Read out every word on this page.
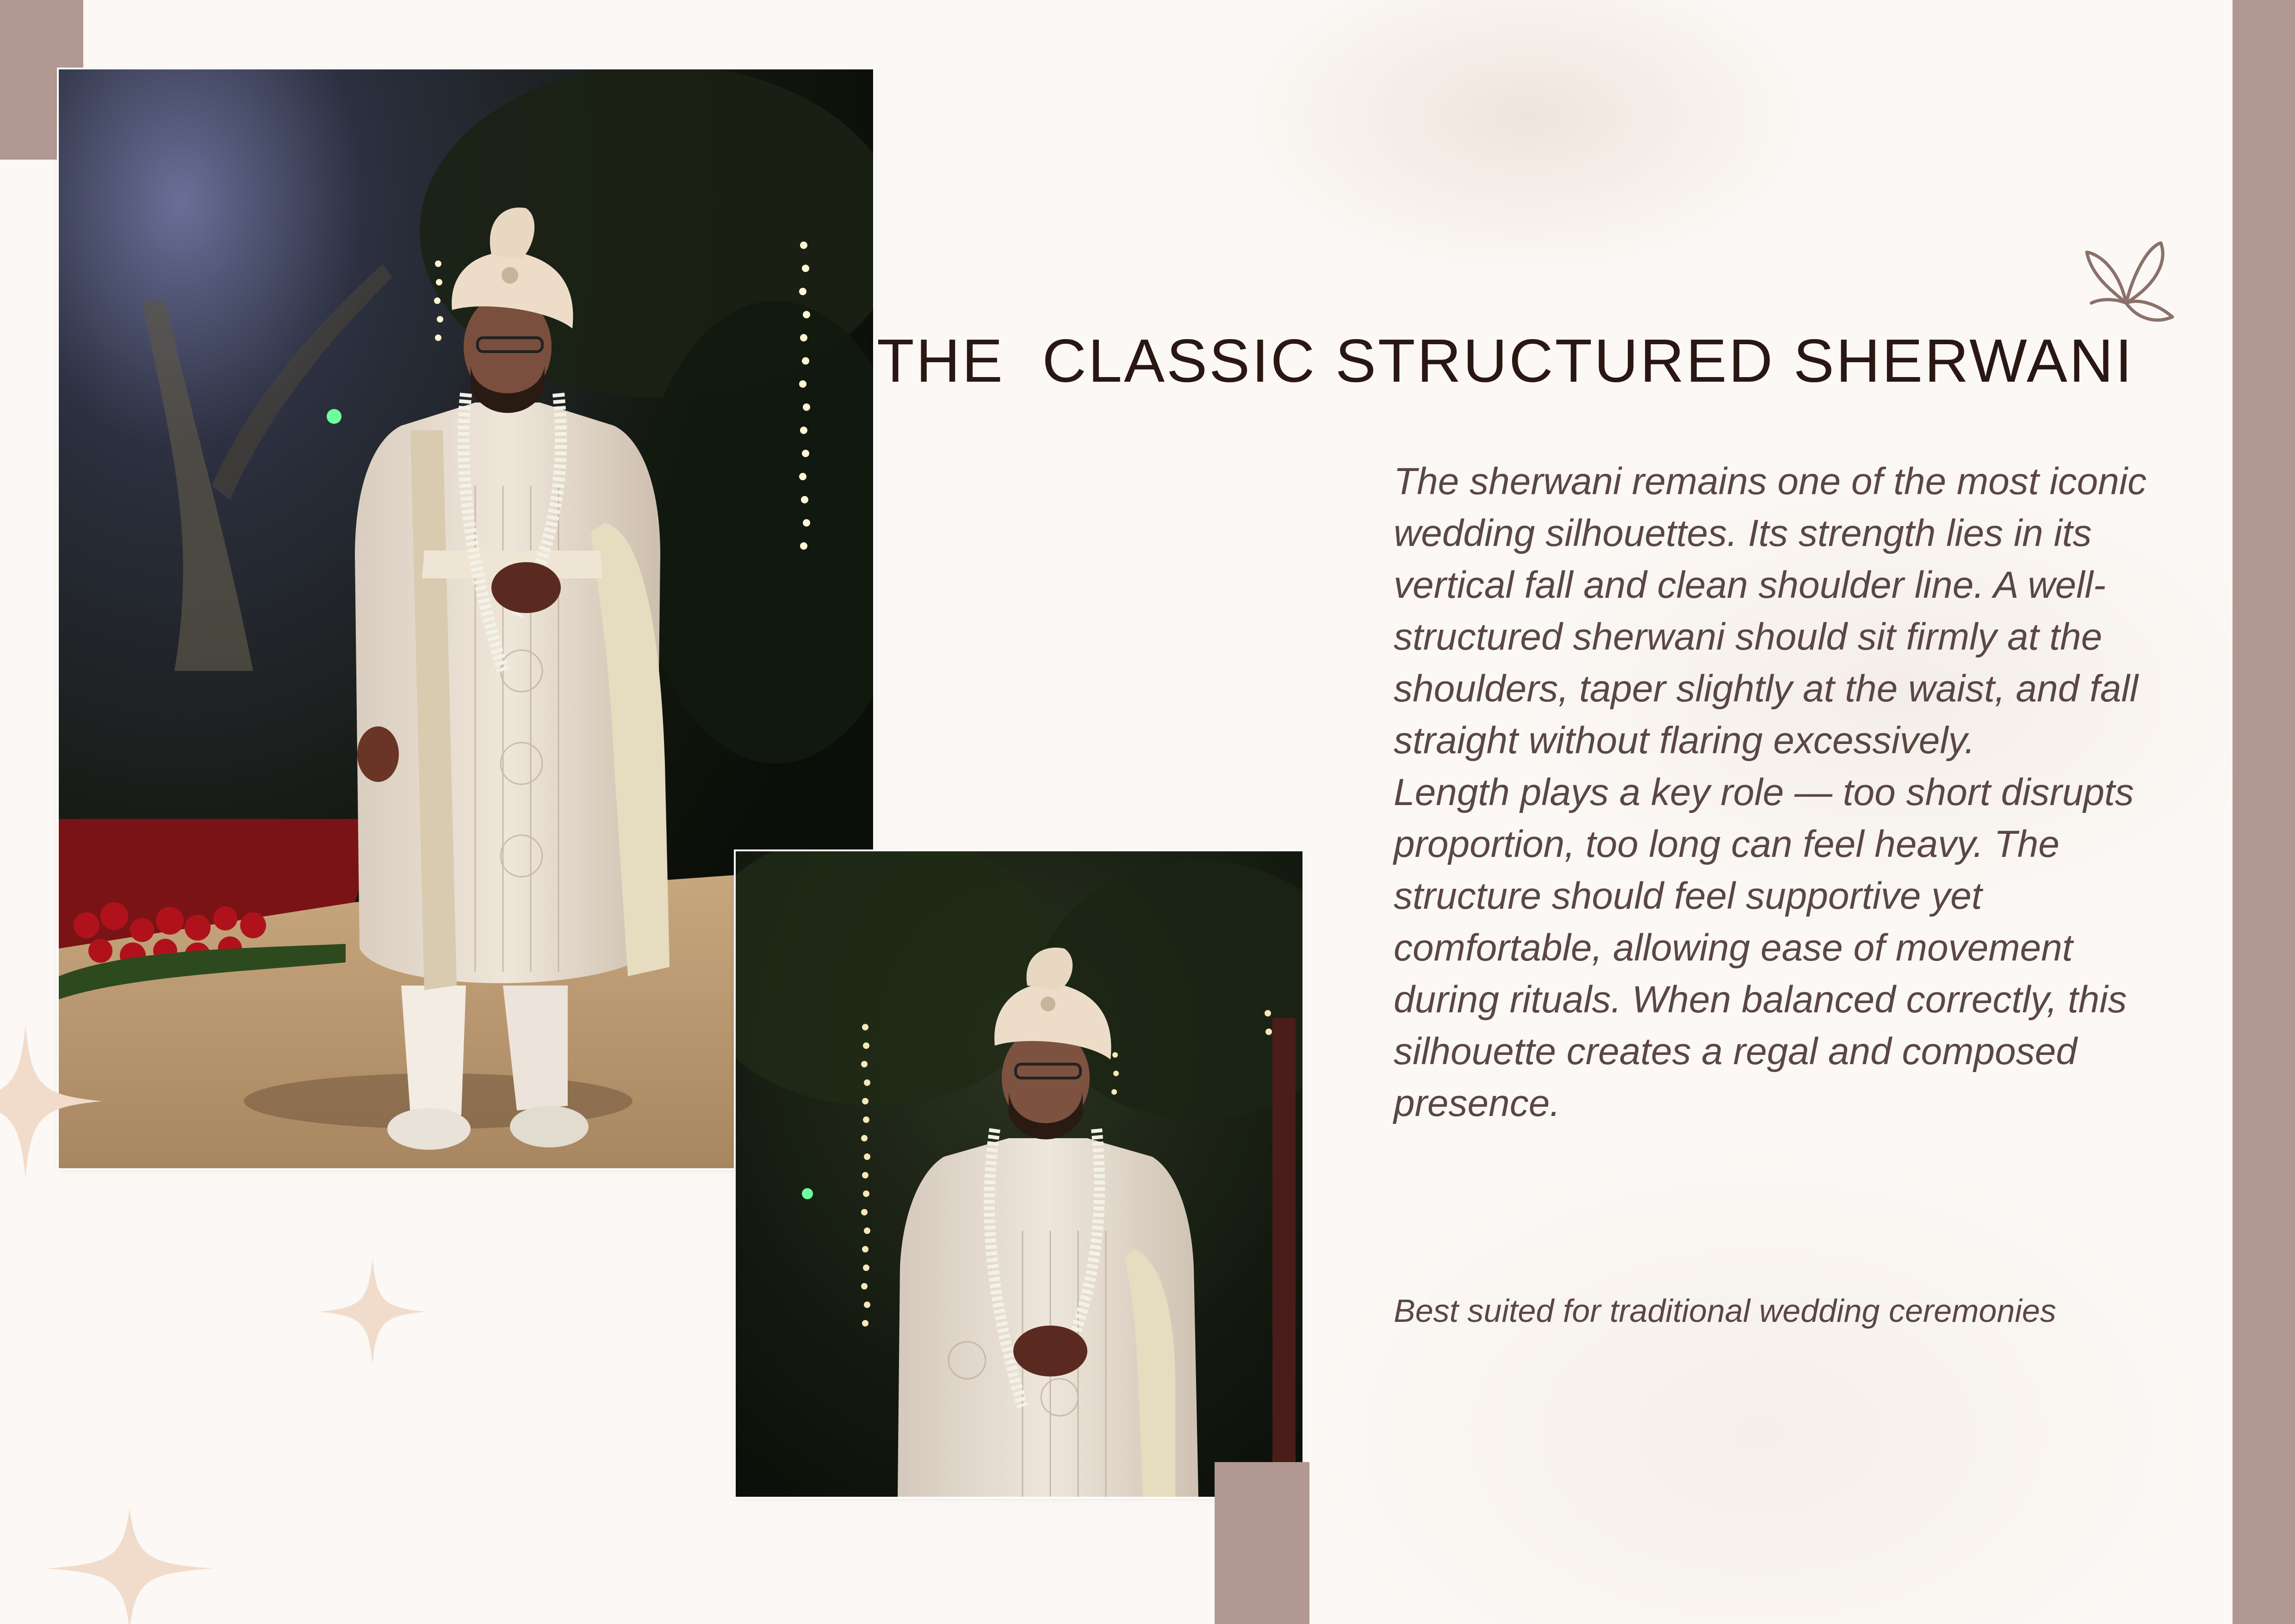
THE  CLASSIC STRUCTURED SHERWANI

The sherwani remains one of the most iconic wedding silhouettes. Its strength lies in its vertical fall and clean shoulder line. A well-structured sherwani should sit firmly at the shoulders, taper slightly at the waist, and fall straight without flaring excessively.

Length plays a key role — too short disrupts proportion, too long can feel heavy. The structure should feel supportive yet comfortable, allowing ease of movement during rituals. When balanced correctly, this silhouette creates a regal and composed presence.

Best suited for traditional wedding ceremonies
